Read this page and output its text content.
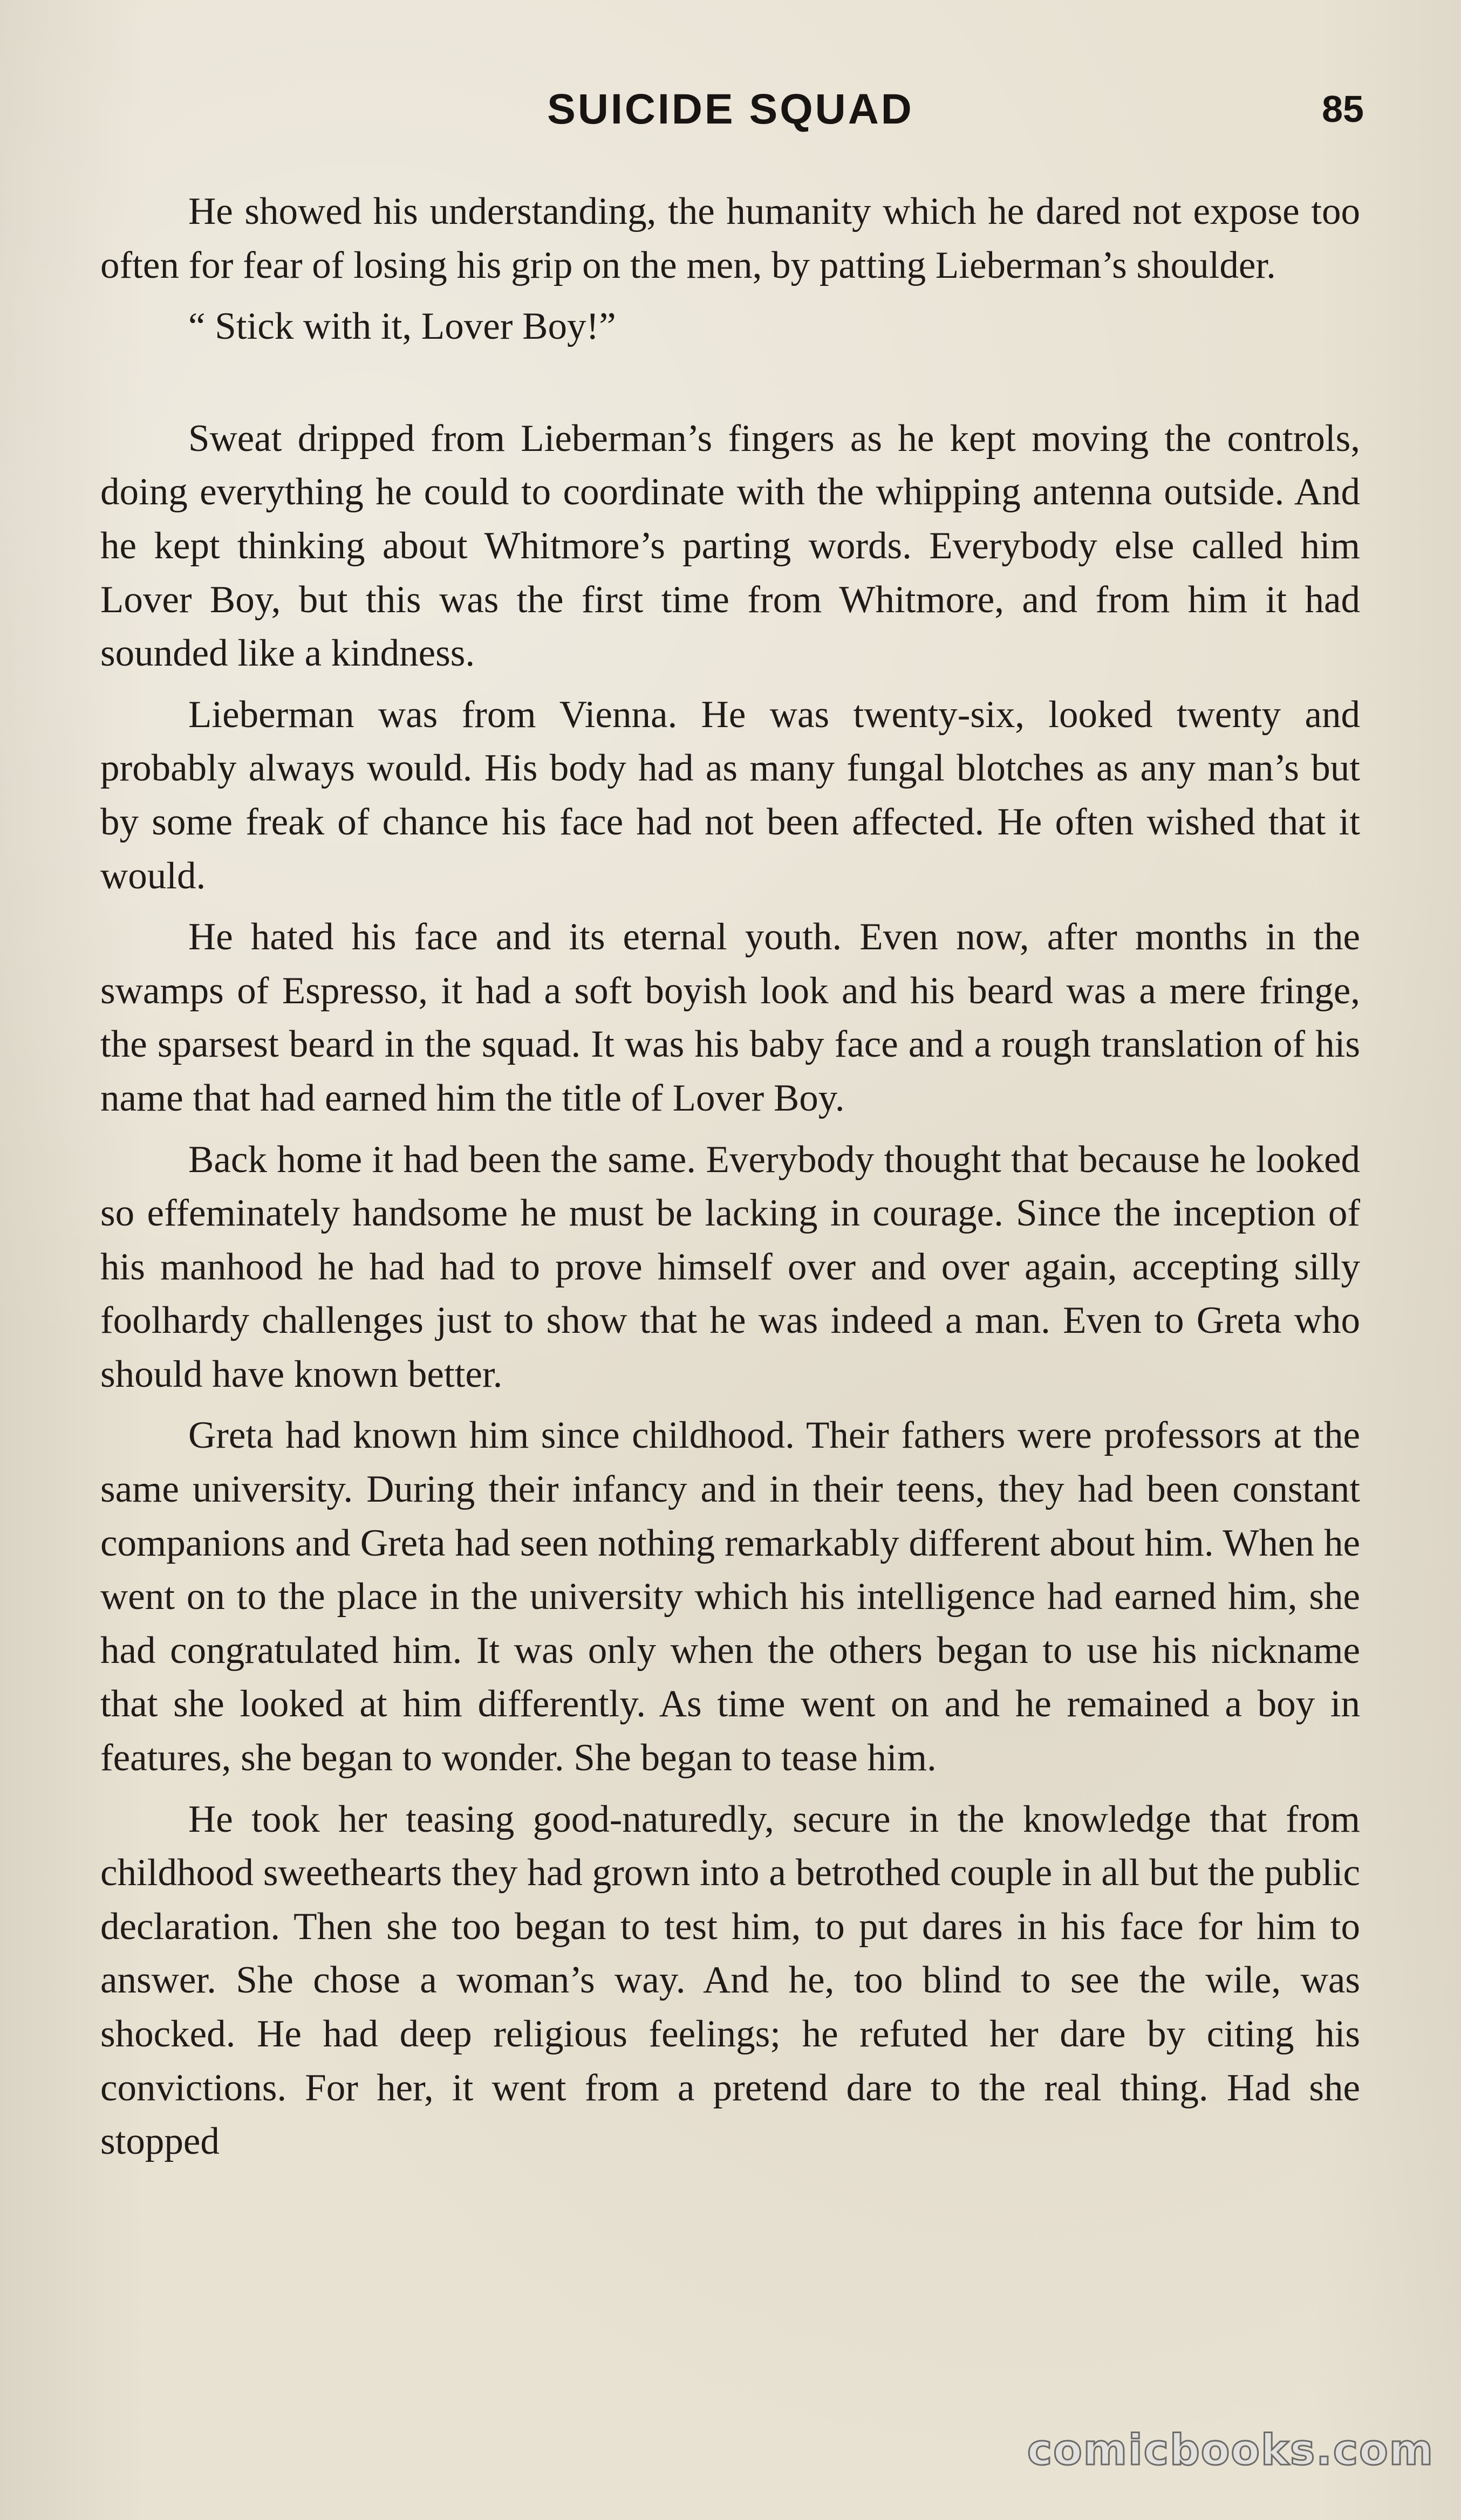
SUICIDE SQUAD	85

He showed his understanding, the humanity which he dared not expose too often for fear of losing his grip on the men, by patting Lieberman’s shoulder.

“ Stick with it, Lover Boy!”

Sweat dripped from Lieberman’s fingers as he kept moving the controls, doing everything he could to coordinate with the whipping antenna outside. And he kept thinking about Whitmore’s parting words. Everybody else called him Lover Boy, but this was the first time from Whitmore, and from him it had sounded like a kindness.

Lieberman was from Vienna. He was twenty-six, looked twenty and probably always would. His body had as many fungal blotches as any man’s but by some freak of chance his face had not been affected. He often wished that it would.

He hated his face and its eternal youth. Even now, after months in the swamps of Espresso, it had a soft boyish look and his beard was a mere fringe, the sparsest beard in the squad. It was his baby face and a rough translation of his name that had earned him the title of Lover Boy.

Back home it had been the same. Everybody thought that because he looked so effeminately handsome he must be lacking in courage. Since the inception of his manhood he had had to prove himself over and over again, accepting silly foolhardy challenges just to show that he was indeed a man. Even to Greta who should have known better.

Greta had known him since childhood. Their fathers were professors at the same university. During their infancy and in their teens, they had been constant companions and Greta had seen nothing remarkably different about him. When he went on to the place in the university which his intelligence had earned him, she had congratulated him. It was only when the others began to use his nickname that she looked at him differently. As time went on and he remained a boy in features, she began to wonder. She began to tease him.

He took her teasing good-naturedly, secure in the knowledge that from childhood sweethearts they had grown into a betrothed couple in all but the public declaration. Then she too began to test him, to put dares in his face for him to answer. She chose a woman’s way. And he, too blind to see the wile, was shocked. He had deep religious feelings; he refuted her dare by citing his convictions. For her, it went from a pretend dare to the real thing. Had she stopped

comicbooks.com
